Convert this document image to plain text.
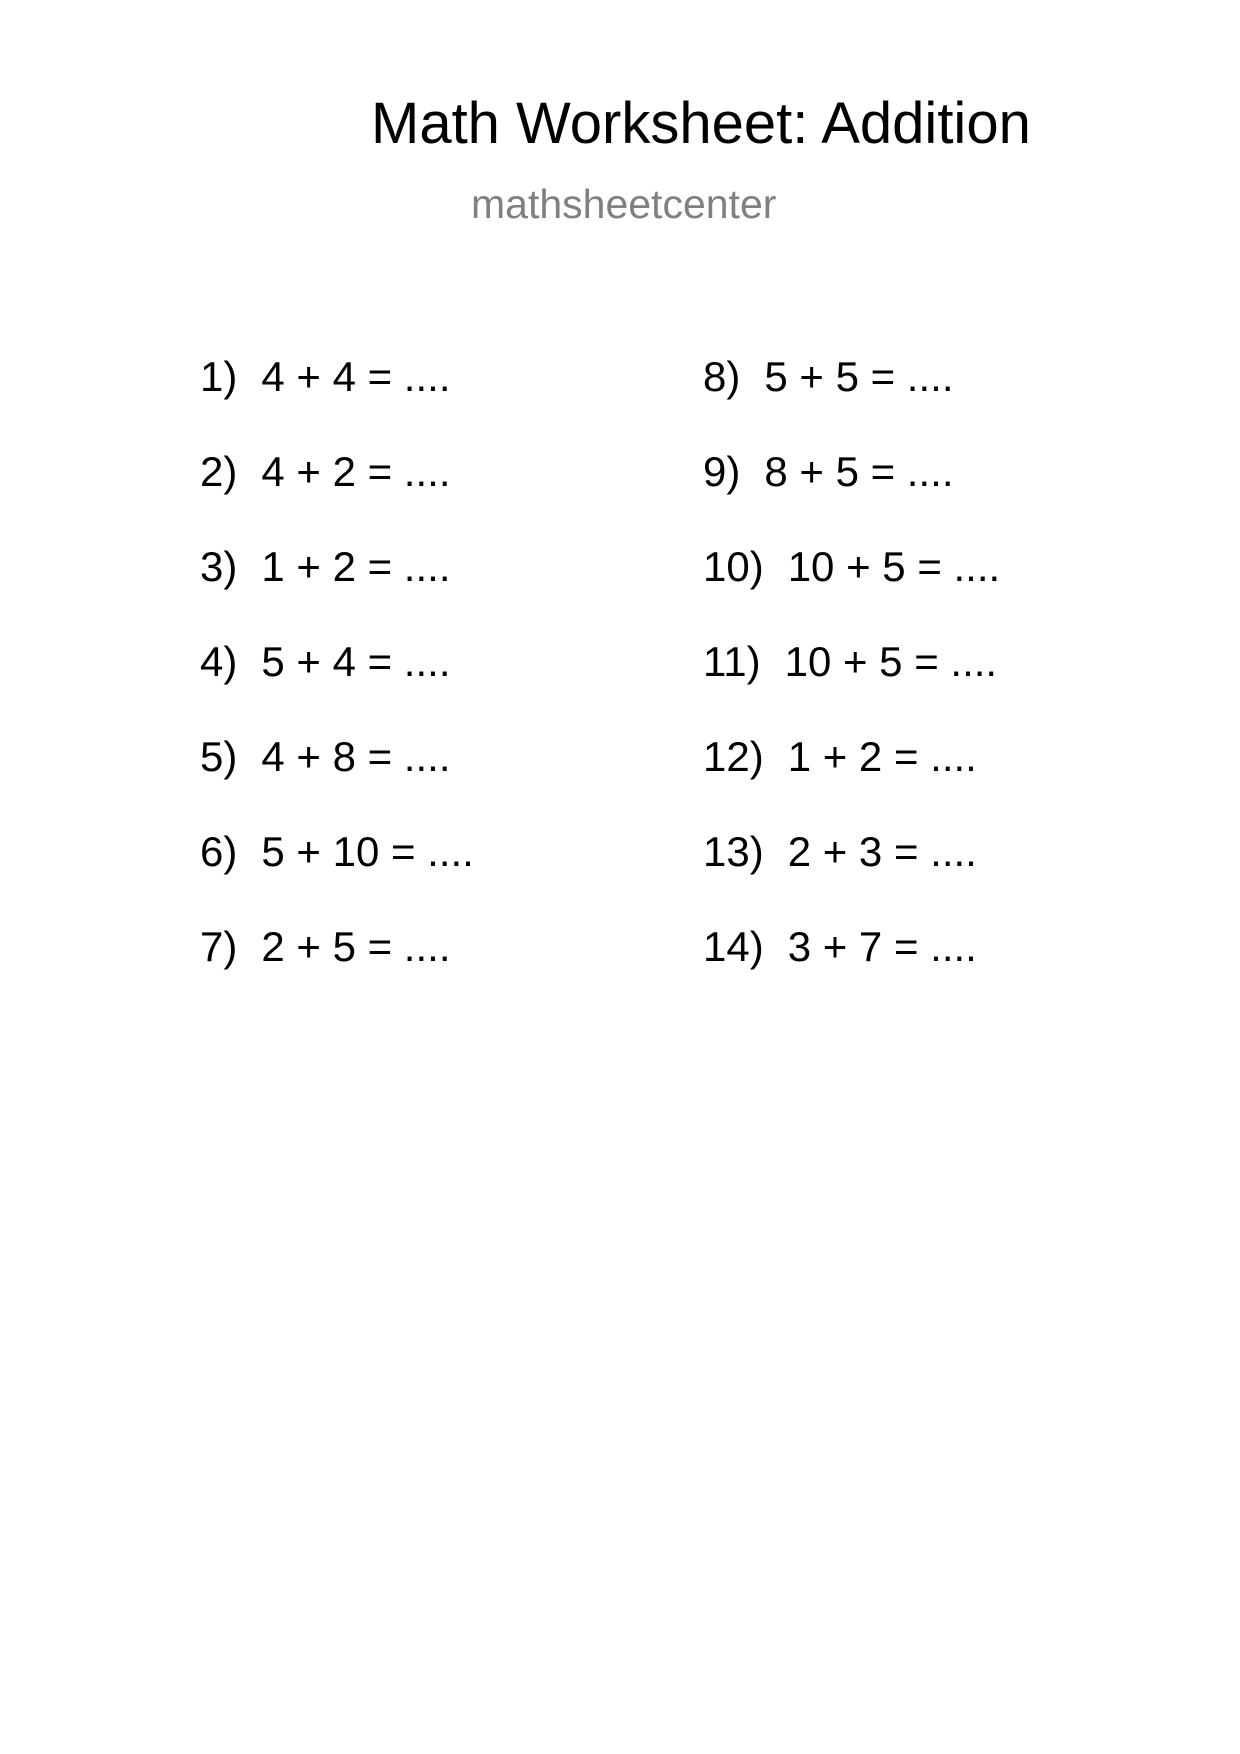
Math Worksheet: Addition
mathsheetcenter
1) 4 + 4 = ....
2) 4 + 2 = ....
3) 1 + 2 = ....
4) 5 + 4 = ....
5) 4 + 8 = ....
6) 5 + 10 = ....
7) 2 + 5 = ....
8) 5 + 5 = ....
9) 8 + 5 = ....
10) 10 + 5 = ....
11) 10 + 5 = ....
12) 1 + 2 = ....
13) 2 + 3 = ....
14) 3 + 7 = ....
